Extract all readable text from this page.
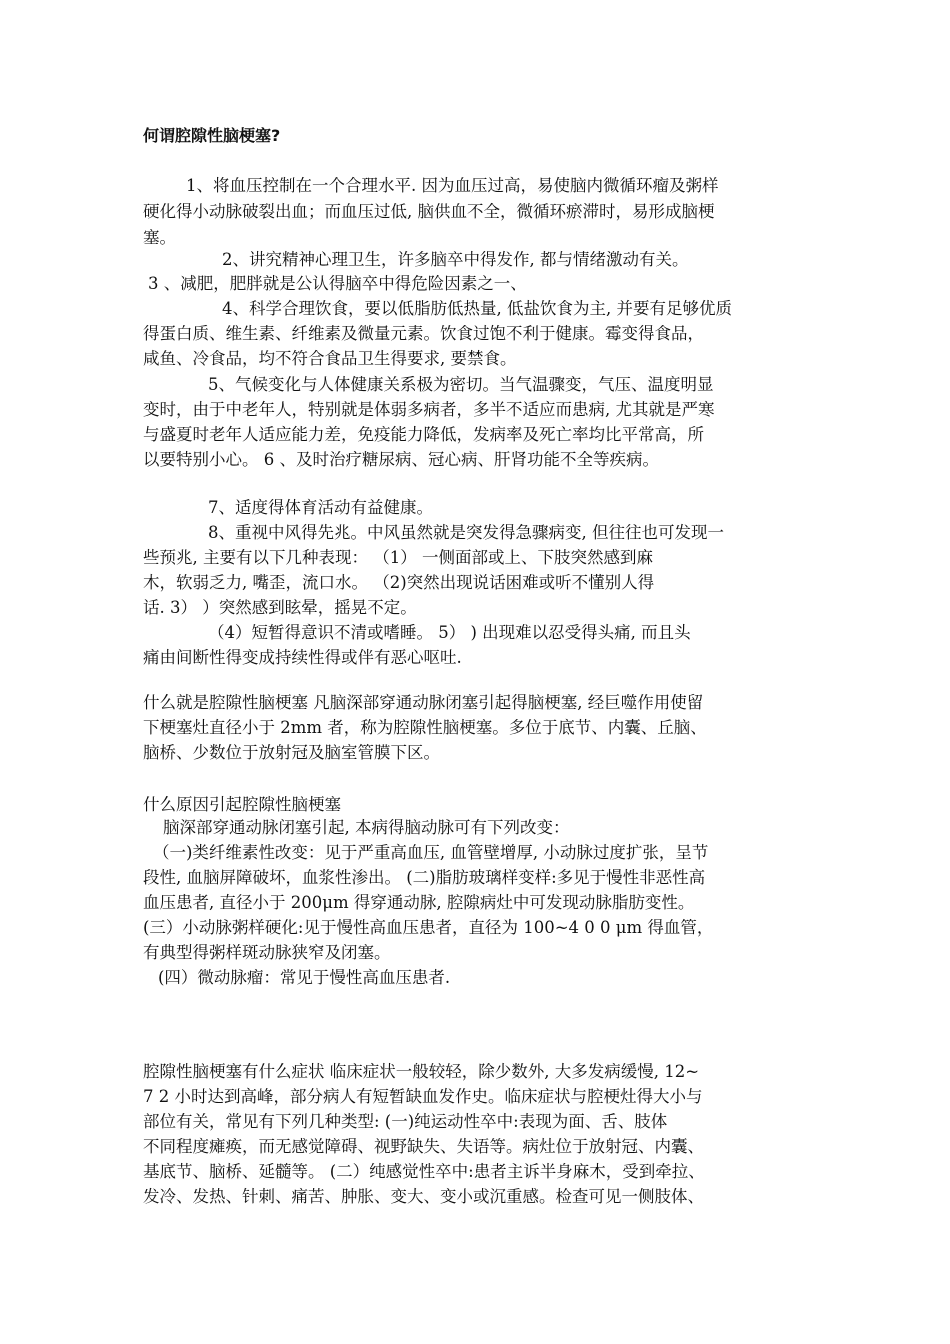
何谓腔隙性脑梗塞?
1、将血压控制在一个合理水平. 因为血压过高，易使脑内微循环瘤及粥样
硬化得小动脉破裂出血；而血压过低, 脑供血不全，微循环瘀滞时，易形成脑梗
塞。
2、讲究精神心理卫生，许多脑卒中得发作, 都与情绪激动有关。
3 、减肥，肥胖就是公认得脑卒中得危险因素之一、
4、科学合理饮食，要以低脂肪低热量, 低盐饮食为主, 并要有足够优质
得蛋白质、维生素、纤维素及微量元素。饮食过饱不利于健康。霉变得食品，
咸鱼、冷食品，均不符合食品卫生得要求, 要禁食。
5、气候变化与人体健康关系极为密切。当气温骤变，气压、温度明显
变时，由于中老年人，特别就是体弱多病者，多半不适应而患病, 尤其就是严寒
与盛夏时老年人适应能力差，免疫能力降低，发病率及死亡率均比平常高，所
以要特别小心。 6 、及时治疗糖尿病、冠心病、肝肾功能不全等疾病。
7、适度得体育活动有益健康。
8、重视中风得先兆。中风虽然就是突发得急骤病变, 但往往也可发现一
些预兆, 主要有以下几种表现： （1） 一侧面部或上、下肢突然感到麻
木，软弱乏力, 嘴歪，流口水。 （2)突然出现说话困难或听不懂别人得
话. 3） ）突然感到眩晕，摇晃不定。
（4）短暂得意识不清或嗜睡。 5） ) 出现难以忍受得头痛, 而且头
痛由间断性得变成持续性得或伴有恶心呕吐.
什么就是腔隙性脑梗塞 凡脑深部穿通动脉闭塞引起得脑梗塞, 经巨噬作用使留
下梗塞灶直径小于 2mm 者，称为腔隙性脑梗塞。多位于底节、内囊、丘脑、
脑桥、少数位于放射冠及脑室管膜下区。
什么原因引起腔隙性脑梗塞
脑深部穿通动脉闭塞引起, 本病得脑动脉可有下列改变：
（一)类纤维素性改变：见于严重高血压, 血管壁增厚, 小动脉过度扩张，呈节
段性, 血脑屏障破坏，血浆性渗出。 (二)脂肪玻璃样变样:多见于慢性非恶性高
血压患者, 直径小于 200μm 得穿通动脉, 腔隙病灶中可发现动脉脂肪变性。
(三）小动脉粥样硬化:见于慢性高血压患者，直径为 100~4 0 0 μm 得血管，
有典型得粥样斑动脉狭窄及闭塞。
(四）微动脉瘤：常见于慢性高血压患者.
腔隙性脑梗塞有什么症状 临床症状一般较轻，除少数外, 大多发病缓慢, 12~
7 2 小时达到高峰，部分病人有短暂缺血发作史。临床症状与腔梗灶得大小与
部位有关，常见有下列几种类型: (一)纯运动性卒中:表现为面、舌、肢体
不同程度瘫痪，而无感觉障碍、视野缺失、失语等。病灶位于放射冠、内囊、
基底节、脑桥、延髓等。 (二）纯感觉性卒中:患者主诉半身麻木，受到牵拉、
发冷、发热、针刺、痛苦、肿胀、变大、变小或沉重感。检查可见一侧肢体、
